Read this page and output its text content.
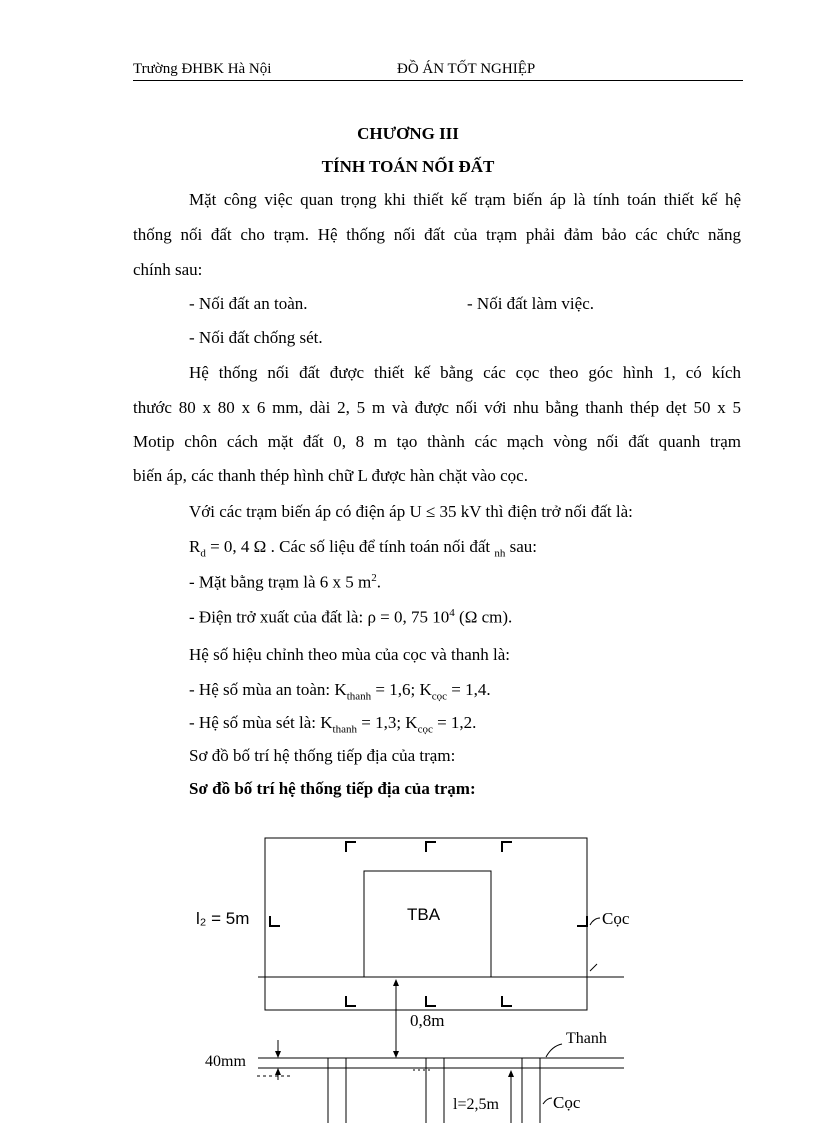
Trường ĐHBK Hà Nội	ĐỒ ÁN TỐT NGHIỆP
CHƯƠNG III
TÍNH TOÁN NỐI ĐẤT
Mặt công việc quan trọng khi thiết kế trạm biến áp là tính toán thiết kế hệ
thống nối đất cho trạm. Hệ thống nối đất của trạm phải đảm bảo các chức năng
chính sau:
- Nối đất an toàn.	- Nối đất làm việc.
- Nối đất chống sét.
Hệ thống nối đất được thiết kế bằng các cọc theo góc hình 1, có kích
thước 80 x 80 x 6 mm, dài 2, 5 m và được nối với nhu bằng thanh thép dẹt 50 x 5
Motip chôn cách mặt đất 0, 8 m tạo thành các mạch vòng nối đất quanh trạm
biến áp, các thanh thép hình chữ L được hàn chặt vào cọc.
Với các trạm biến áp có điện áp U ≤ 35 kV thì điện trở nối đất là:
$R_d = 0$, 4 Ω . Các số liệu để tính toán nối đất $_{nh}$ sau:
- Mặt bằng trạm là 6 x 5 $m^2$.
- Điện trở xuất của đất là: ρ = 0, 75 $10^4$ (Ω cm).
Hệ số hiệu chỉnh theo mùa của cọc và thanh là:
- Hệ số mùa an toàn: $K_{thanh} = 1,6$; $K_{cọc} = 1,4$.
- Hệ số mùa sét là: $K_{thanh} = 1,3$; $K_{cọc} = 1,2$.
Sơ đồ bố trí hệ thống tiếp địa của trạm:
Sơ đồ bố trí hệ thống tiếp địa của trạm:
l₂ = 5m	TBA	Cọc
0,8m
Thanh
40mm
l=2,5m	Cọc
